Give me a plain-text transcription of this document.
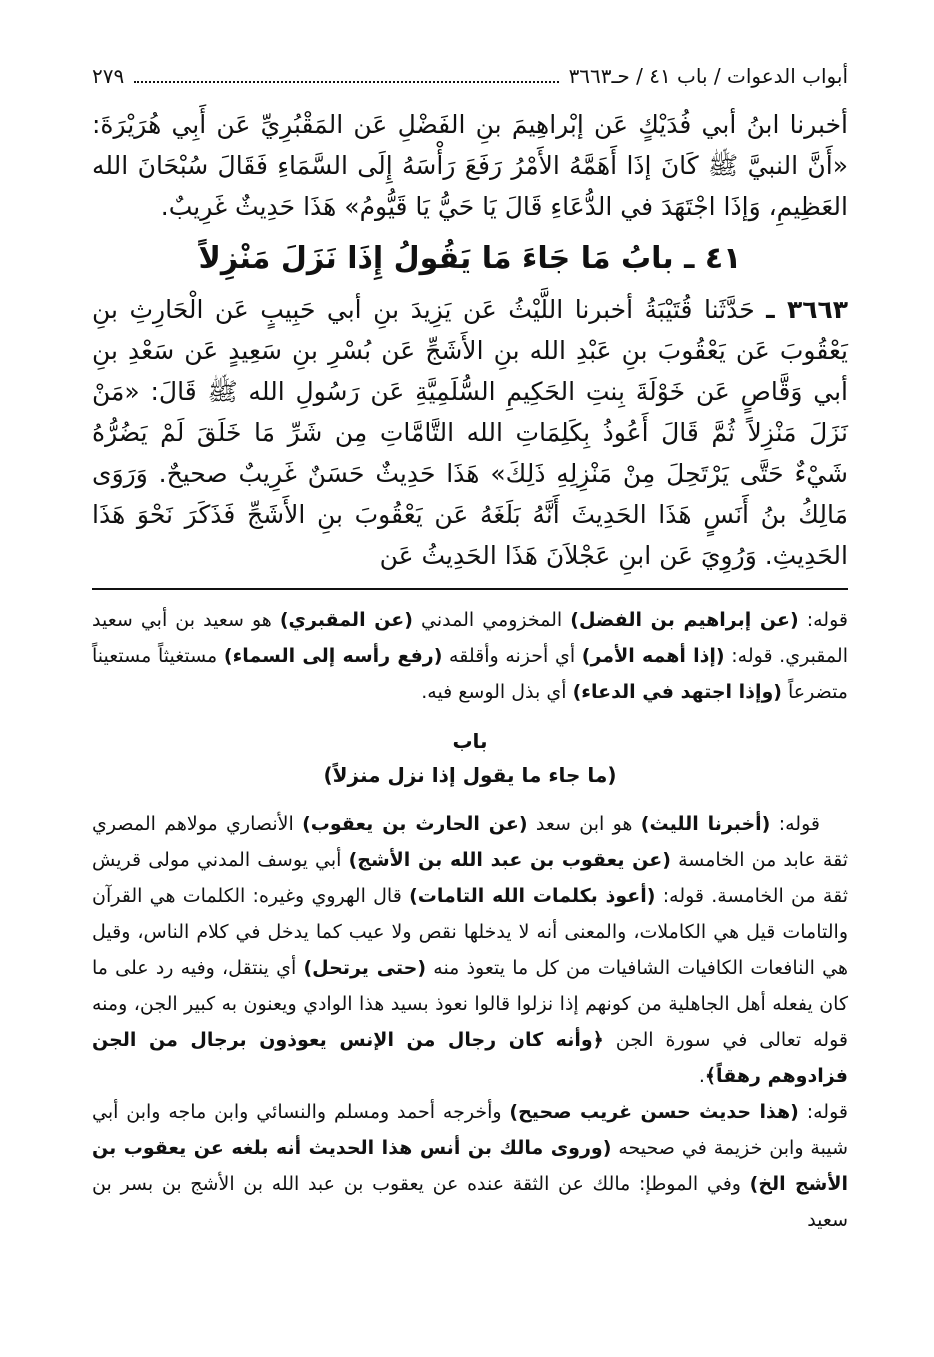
أبواب الدعوات / باب ٤١ / حـ٣٦٦٣
٢٧٩

أخبرنا ابنُ أبي فُدَيْكٍ عَن إبْراهِيمَ بنِ الفَضْلِ عَن المَقْبُرِيِّ عَن أَبِي هُرَيْرَةَ: «أَنَّ النبيَّ ﷺ كَانَ إذَا أَهَمَّهُ الأَمْرُ رَفَعَ رَأْسَهُ إِلَى السَّمَاءِ فَقَالَ سُبْحَانَ الله العَظِيمِ، وَإذَا اجْتَهَدَ في الدُّعَاءِ قَالَ يَا حَيُّ يَا قَيُّومُ» هَذَا حَدِيثٌ غَرِيبٌ.

٤١ ـ بابُ مَا جَاءَ مَا يَقُولُ إِذَا نَزَلَ مَنْزِلاً

٣٦٦٣ ـ حَدَّثَنا قُتَيْبَةُ أخبرنا اللَّيْثُ عَن يَزِيدَ بنِ أبي حَبِيبٍ عَن الْحَارِثِ بنِ يَعْقُوبَ عَن يَعْقُوبَ بنِ عَبْدِ الله بنِ الأَشَجِّ عَن بُسْرِ بنِ سَعِيدٍ عَن سَعْدِ بنِ أبي وَقَّاصٍ عَن خَوْلَةَ بِنتِ الحَكِيمِ السُّلَمِيَّةِ عَن رَسُولِ الله ﷺ قَالَ: «مَنْ نَزَلَ مَنْزِلاً ثُمَّ قَالَ أَعُوذُ بِكَلِمَاتِ الله التَّامَّاتِ مِن شَرِّ مَا خَلَقَ لَمْ يَضُرُّهُ شَيْءٌ حَتَّى يَرْتَحِلَ مِنْ مَنْزِلِهِ ذَلِكَ» هَذَا حَدِيثٌ حَسَنٌ غَرِيبٌ صحيحٌ. وَرَوَى مَالِكُ بنُ أَنَسٍ هَذَا الحَدِيثَ أَنَّهُ بَلَغَهُ عَن يَعْقُوبَ بنِ الأَشَجِّ فَذَكَرَ نَحْوَ هَذَا الحَدِيثِ. وَرُوِيَ عَن ابنِ عَجْلاَنَ هَذَا الحَدِيثُ عَن

قوله: (عن إبراهيم بن الفضل) المخزومي المدني (عن المقبري) هو سعيد بن أبي سعيد المقبري. قوله: (إذا أهمه الأمر) أي أحزنه وأقلقه (رفع رأسه إلى السماء) مستغيثاً مستعيناً متضرعاً (وإذا اجتهد في الدعاء) أي بذل الوسع فيه.

باب

(ما جاء ما يقول إذا نزل منزلاً)

قوله: (أخبرنا الليث) هو ابن سعد (عن الحارث بن يعقوب) الأنصاري مولاهم المصري ثقة عابد من الخامسة (عن يعقوب بن عبد الله بن الأشج) أبي يوسف المدني مولى قريش ثقة من الخامسة. قوله: (أعوذ بكلمات الله التامات) قال الهروي وغيره: الكلمات هي القرآن والتامات قيل هي الكاملات، والمعنى أنه لا يدخلها نقص ولا عيب كما يدخل في كلام الناس، وقيل هي النافعات الكافيات الشافيات من كل ما يتعوذ منه (حتى يرتحل) أي ينتقل، وفيه رد على ما كان يفعله أهل الجاهلية من كونهم إذا نزلوا قالوا نعوذ بسيد هذا الوادي ويعنون به كبير الجن، ومنه قوله تعالى في سورة الجن ﴿وأنه كان رجال من الإنس يعوذون برجال من الجن فزادوهم رهقاً﴾.

قوله: (هذا حديث حسن غريب صحيح) وأخرجه أحمد ومسلم والنسائي وابن ماجه وابن أبي شيبة وابن خزيمة في صحيحه (وروى مالك بن أنس هذا الحديث أنه بلغه عن يعقوب بن الأشج الخ) وفي الموطإ: مالك عن الثقة عنده عن يعقوب بن عبد الله بن الأشج بن بسر بن سعيد
